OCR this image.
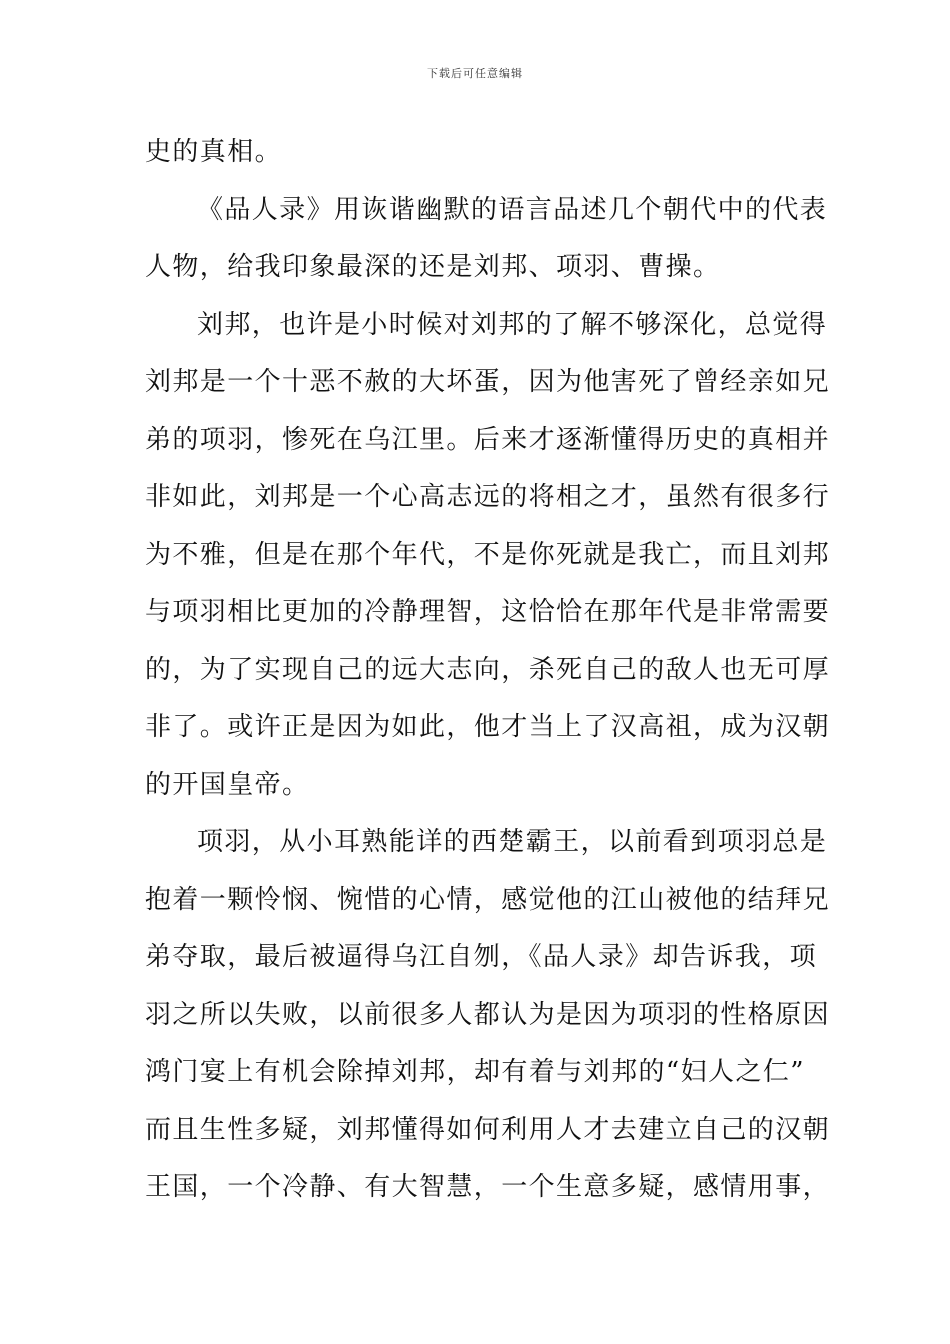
下载后可任意编辑
史的真相。
《品人录》用诙谐幽默的语言品述几个朝代中的代表
人物，给我印象最深的还是刘邦、项羽、曹操。
刘邦，也许是小时候对刘邦的了解不够深化，总觉得
刘邦是一个十恶不赦的大坏蛋，因为他害死了曾经亲如兄
弟的项羽，惨死在乌江里。后来才逐渐懂得历史的真相并
非如此，刘邦是一个心高志远的将相之才，虽然有很多行
为不雅，但是在那个年代，不是你死就是我亡，而且刘邦
与项羽相比更加的冷静理智，这恰恰在那年代是非常需要
的，为了实现自己的远大志向，杀死自己的敌人也无可厚
非了。或许正是因为如此，他才当上了汉高祖，成为汉朝
的开国皇帝。
项羽，从小耳熟能详的西楚霸王，以前看到项羽总是
抱着一颗怜悯、惋惜的心情，感觉他的江山被他的结拜兄
弟夺取，最后被逼得乌江自刎，《品人录》却告诉我，项
羽之所以失败，以前很多人都认为是因为项羽的性格原因
鸿门宴上有机会除掉刘邦，却有着与刘邦的“妇人之仁”
而且生性多疑，刘邦懂得如何利用人才去建立自己的汉朝
王国，一个冷静、有大智慧，一个生意多疑，感情用事，
